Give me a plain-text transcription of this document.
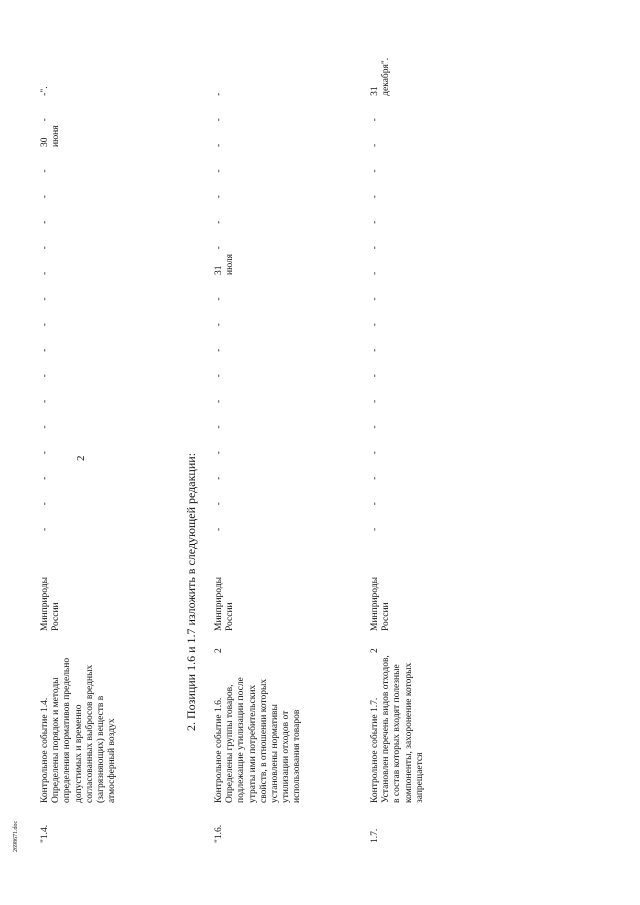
2
2698671.doc "1.4.
Контрольное событие 1.4. Определены порядок и методы определения нормативов предельно допустимых и временно согласованных выбросов вредных (загрязняющих) веществ в атмосферный воздух
Минприроды России
-
-
-
-
-
-
-
-
-
-
-
-
-
-
-
30 июня
-
-".
2. Позиции 1.6 и 1.7 изложить в следующей редакции:
"1.6.
Контрольное событие 1.6. Определены группы товаров, подлежащие утилизации после утраты ими потребительских свойств, в отношении которых установлены нормативы утилизации отходов от использования товаров
2
Минприроды России
-
-
-
-
-
-
-
-
-
-
31 июля
-
-
-
-
-
-
-
1.7.
Контрольное событие 1.7. Установлен перечень видов отходов, в состав которых входят полезные компоненты, захоронение которых запрещается
2
Минприроды России
-
-
-
-
-
-
-
-
-
-
-
-
-
-
-
-
-
31 декабря".
